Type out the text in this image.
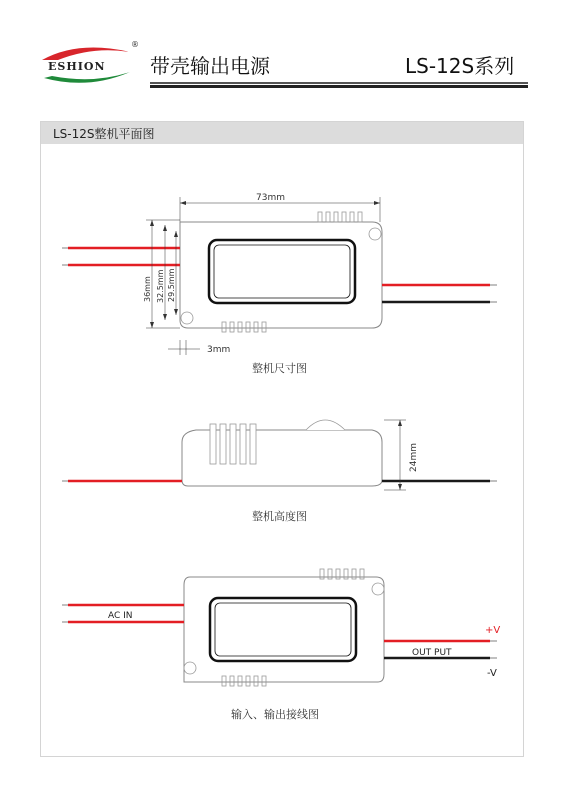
ESHION
®
带壳输出电源	LS-12S系列
LS-12S整机平面图
73mm
36mm 32.5mm 29.5mm
3mm
24mm
AC IN
OUT PUT
+V
-V
整机尺寸图
整机高度图
输入、输出接线图
